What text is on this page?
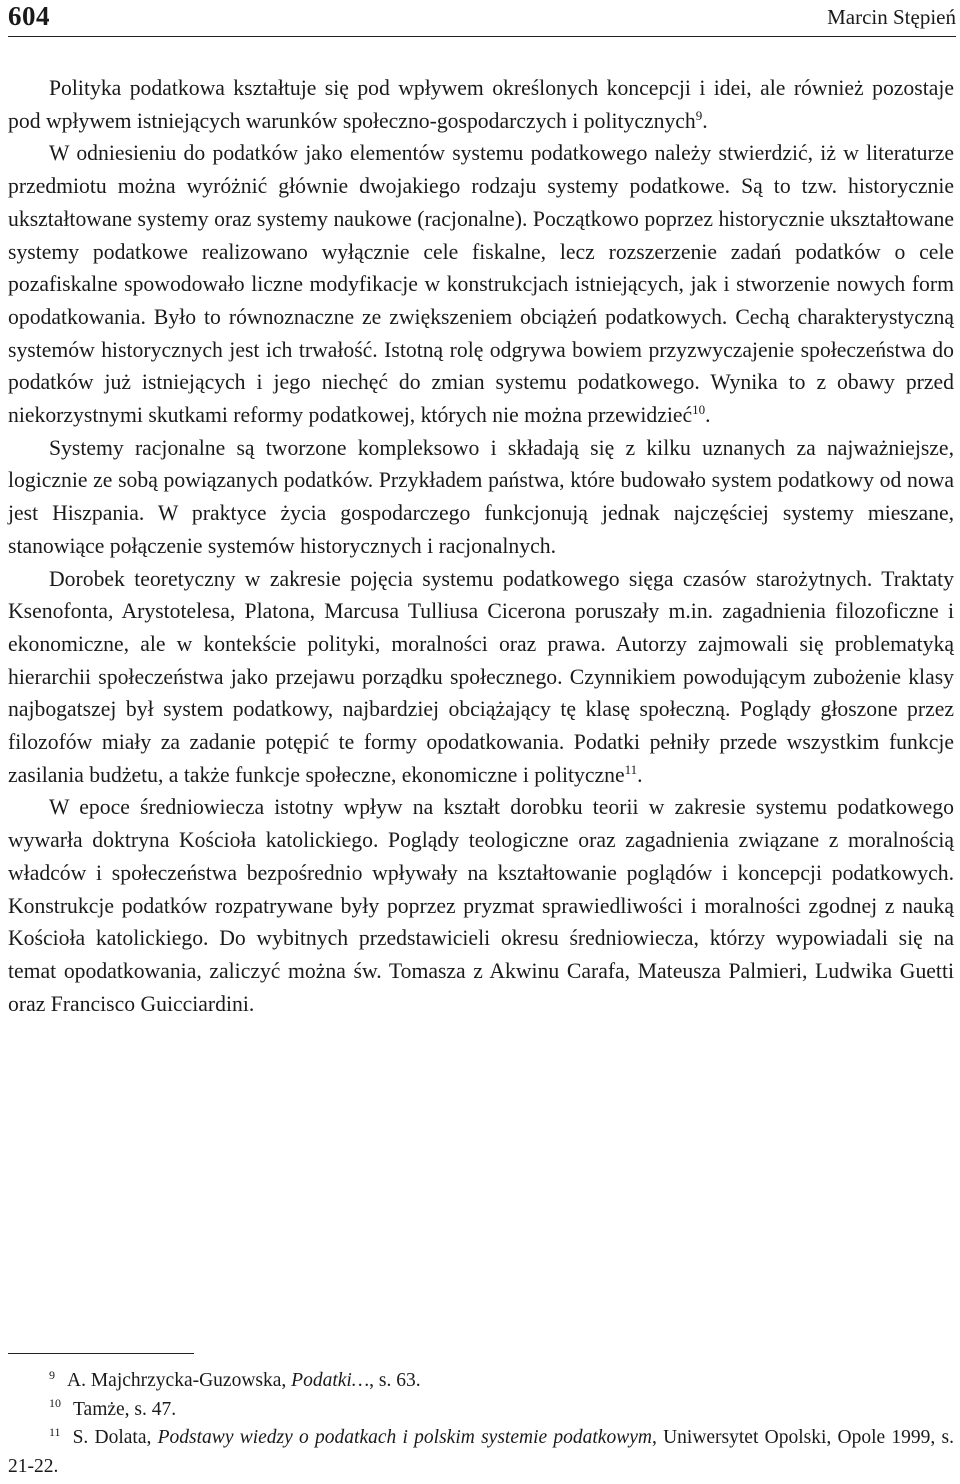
604	Marcin Stępień

Polityka podatkowa kształtuje się pod wpływem określonych koncepcji i idei, ale również pozostaje pod wpływem istniejących warunków społeczno-gospodarczych i politycznych$^9$.

W odniesieniu do podatków jako elementów systemu podatkowego należy stwierdzić, iż w literaturze przedmiotu można wyróżnić głównie dwojakiego rodzaju systemy podatkowe. Są to tzw. historycznie ukształtowane systemy oraz systemy naukowe (racjonalne). Początkowo poprzez historycznie ukształtowane systemy podatkowe realizowano wyłącznie cele fiskalne, lecz rozszerzenie zadań podatków o cele pozafiskalne spowodowało liczne modyfikacje w konstrukcjach istniejących, jak i stworzenie nowych form opodatkowania. Było to równoznaczne ze zwiększeniem obciążeń podatkowych. Cechą charakterystyczną systemów historycznych jest ich trwałość. Istotną rolę odgrywa bowiem przyzwyczajenie społeczeństwa do podatków już istniejących i jego niechęć do zmian systemu podatkowego. Wynika to z obawy przed niekorzystnymi skutkami reformy podatkowej, których nie można przewidzieć$^{10}$.

Systemy racjonalne są tworzone kompleksowo i składają się z kilku uznanych za najważniejsze, logicznie ze sobą powiązanych podatków. Przykładem państwa, które budowało system podatkowy od nowa jest Hiszpania. W praktyce życia gospodarczego funkcjonują jednak najczęściej systemy mieszane, stanowiące połączenie systemów historycznych i racjonalnych.

Dorobek teoretyczny w zakresie pojęcia systemu podatkowego sięga czasów starożytnych. Traktaty Ksenofonta, Arystotelesa, Platona, Marcusa Tulliusa Cicerona poruszały m.in. zagadnienia filozoficzne i ekonomiczne, ale w kontekście polityki, moralności oraz prawa. Autorzy zajmowali się problematyką hierarchii społeczeństwa jako przejawu porządku społecznego. Czynnikiem powodującym zubożenie klasy najbogatszej był system podatkowy, najbardziej obciążający tę klasę społeczną. Poglądy głoszone przez filozofów miały za zadanie potępić te formy opodatkowania. Podatki pełniły przede wszystkim funkcje zasilania budżetu, a także funkcje społeczne, ekonomiczne i polityczne$^{11}$.

W epoce średniowiecza istotny wpływ na kształt dorobku teorii w zakresie systemu podatkowego wywarła doktryna Kościoła katolickiego. Poglądy teologiczne oraz zagadnienia związane z moralnością władców i społeczeństwa bezpośrednio wpływały na kształtowanie poglądów i koncepcji podatkowych. Konstrukcje podatków rozpatrywane były poprzez pryzmat sprawiedliwości i moralności zgodnej z nauką Kościoła katolickiego. Do wybitnych przedstawicieli okresu średniowiecza, którzy wypowiadali się na temat opodatkowania, zaliczyć można św. Tomasza z Akwinu Carafa, Mateusza Palmieri, Ludwika Guetti oraz Francisco Guicciardini.

$^9$ A. Majchrzycka-Guzowska, Podatki…, s. 63.

$^{10}$ Tamże, s. 47.

$^{11}$ S. Dolata, Podstawy wiedzy o podatkach i polskim systemie podatkowym, Uniwersytet Opolski, Opole 1999, s. 21-22.
